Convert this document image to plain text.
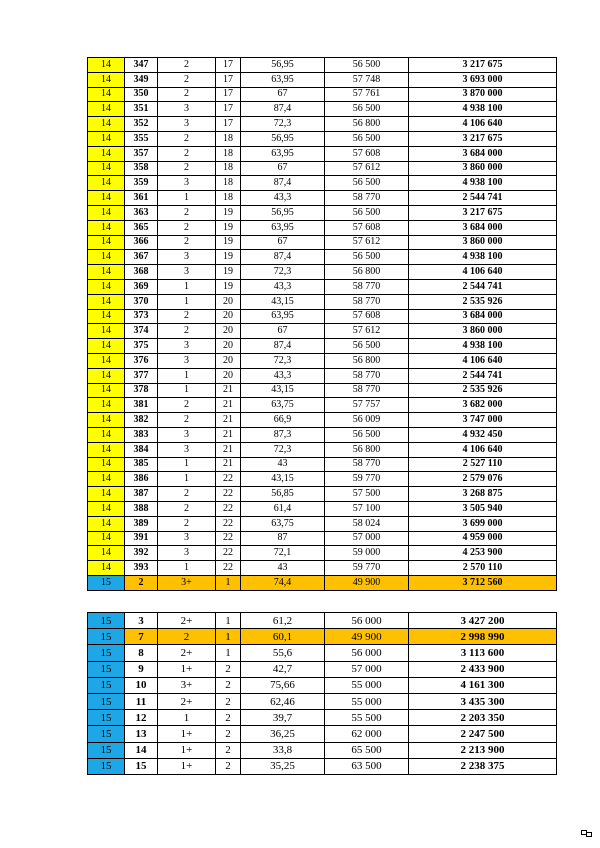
14	347	2	17	56,95	56 500	3 217 675
14	349	2	17	63,95	57 748	3 693 000
14	350	2	17	67	57 761	3 870 000
14	351	3	17	87,4	56 500	4 938 100
14	352	3	17	72,3	56 800	4 106 640
14	355	2	18	56,95	56 500	3 217 675
14	357	2	18	63,95	57 608	3 684 000
14	358	2	18	67	57 612	3 860 000
14	359	3	18	87,4	56 500	4 938 100
14	361	1	18	43,3	58 770	2 544 741
14	363	2	19	56,95	56 500	3 217 675
14	365	2	19	63,95	57 608	3 684 000
14	366	2	19	67	57 612	3 860 000
14	367	3	19	87,4	56 500	4 938 100
14	368	3	19	72,3	56 800	4 106 640
14	369	1	19	43,3	58 770	2 544 741
14	370	1	20	43,15	58 770	2 535 926
14	373	2	20	63,95	57 608	3 684 000
14	374	2	20	67	57 612	3 860 000
14	375	3	20	87,4	56 500	4 938 100
14	376	3	20	72,3	56 800	4 106 640
14	377	1	20	43,3	58 770	2 544 741
14	378	1	21	43,15	58 770	2 535 926
14	381	2	21	63,75	57 757	3 682 000
14	382	2	21	66,9	56 009	3 747 000
14	383	3	21	87,3	56 500	4 932 450
14	384	3	21	72,3	56 800	4 106 640
14	385	1	21	43	58 770	2 527 110
14	386	1	22	43,15	59 770	2 579 076
14	387	2	22	56,85	57 500	3 268 875
14	388	2	22	61,4	57 100	3 505 940
14	389	2	22	63,75	58 024	3 699 000
14	391	3	22	87	57 000	4 959 000
14	392	3	22	72,1	59 000	4 253 900
14	393	1	22	43	59 770	2 570 110
15	2	3+	1	74,4	49 900	3 712 560
15	3	2+	1	61,2	56 000	3 427 200
15	7	2	1	60,1	49 900	2 998 990
15	8	2+	1	55,6	56 000	3 113 600
15	9	1+	2	42,7	57 000	2 433 900
15	10	3+	2	75,66	55 000	4 161 300
15	11	2+	2	62,46	55 000	3 435 300
15	12	1	2	39,7	55 500	2 203 350
15	13	1+	2	36,25	62 000	2 247 500
15	14	1+	2	33,8	65 500	2 213 900
15	15	1+	2	35,25	63 500	2 238 375
